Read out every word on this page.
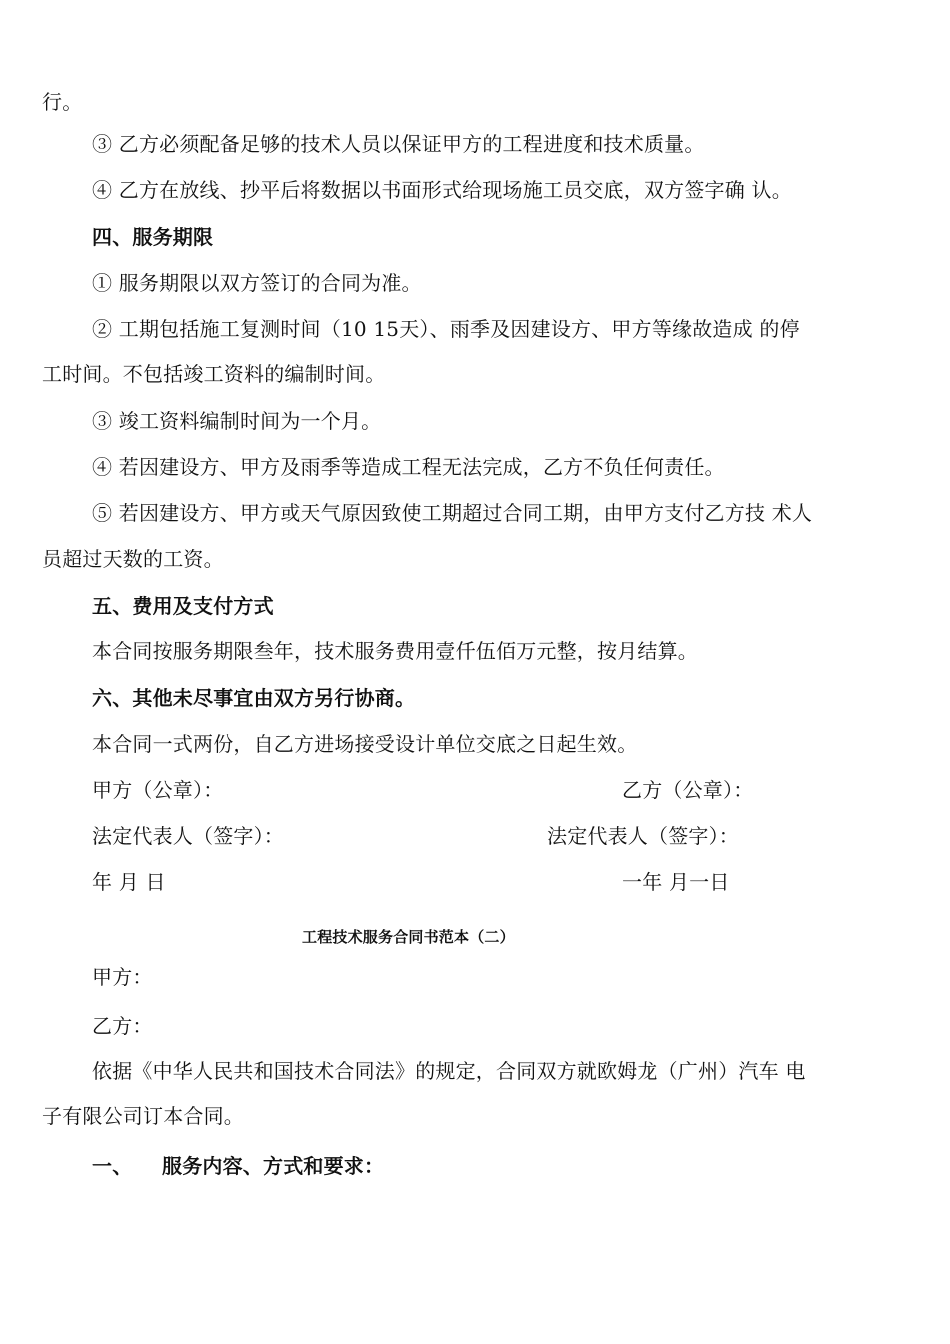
行。
③ 乙方必须配备足够的技术人员以保证甲方的工程进度和技术质量。
④ 乙方在放线、抄平后将数据以书面形式给现场施工员交底，双方签字确 认。
四、服务期限
① 服务期限以双方签订的合同为准。
② 工期包括施工复测时间（10 15天）、雨季及因建设方、甲方等缘故造成 的停
工时间。不包括竣工资料的编制时间。
③ 竣工资料编制时间为一个月。
④ 若因建设方、甲方及雨季等造成工程无法完成，乙方不负任何责任。
⑤ 若因建设方、甲方或天气原因致使工期超过合同工期，由甲方支付乙方技 术人
员超过天数的工资。
五、费用及支付方式
本合同按服务期限叁年，技术服务费用壹仟伍佰万元整，按月结算。
六、其他未尽事宜由双方另行协商。
本合同一式两份，自乙方进场接受设计单位交底之日起生效。
甲方（公章）：	乙方（公章）：
法定代表人（签字）：	法定代表人（签字）：
年 月 日	一年 月一日
工程技术服务合同书范本（二）
甲方：
乙方：
依据《中华人民共和国技术合同法》的规定，合同双方就欧姆龙（广州）汽车 电
子有限公司订本合同。
一、 服务内容、方式和要求：
